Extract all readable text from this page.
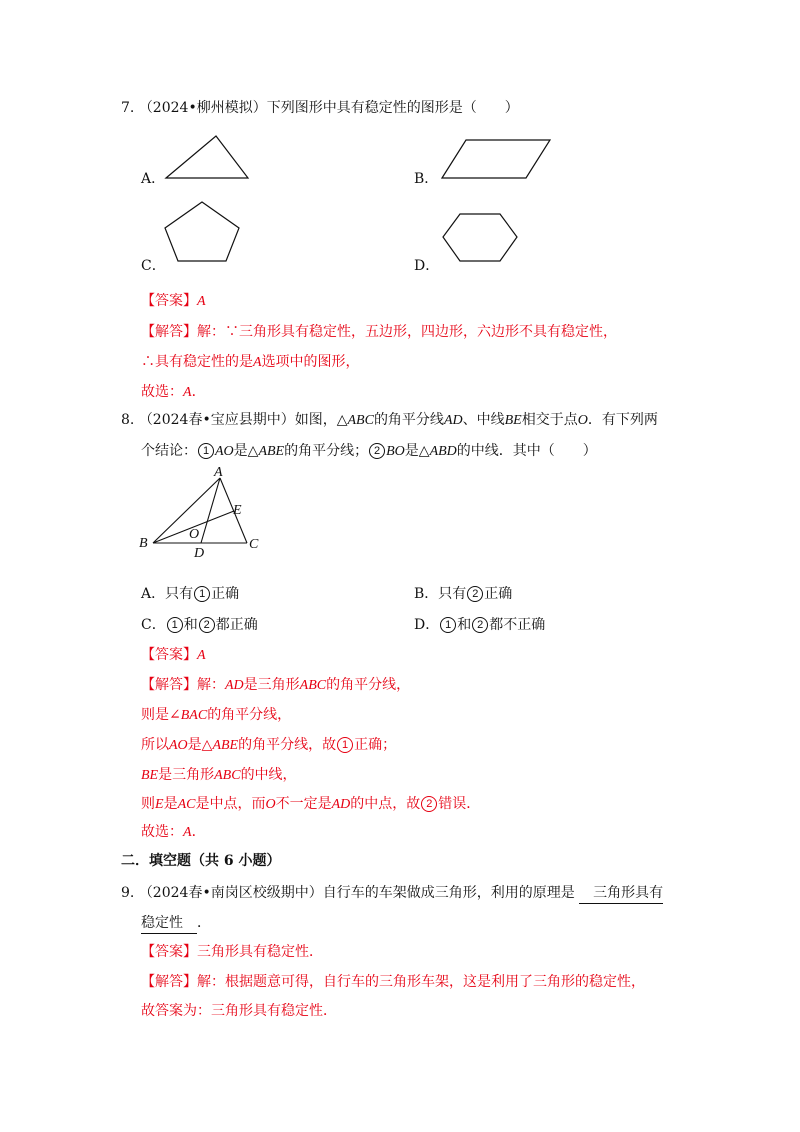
7. （2024•柳州模拟）下列图形中具有稳定性的图形是（　　）
A．	B．
C．	D．
【答案】A
【解答】解：∵三角形具有稳定性，五边形，四边形，六边形不具有稳定性，
∴具有稳定性的是A选项中的图形，
故选：A．
8. （2024春•宝应县期中）如图，△ABC的角平分线AD、中线BE相交于点O．有下列两
个结论： 1 AO是△ABE的角平分线； 2 BO是△ABD的中线．其中（　　）
A
B	C
D
E
O
A．只有 1 正确	B．只有 2 正确
C． 1 和 2 都正确	D． 1 和 2 都不正确
【答案】A
【解答】解：AD是三角形ABC的角平分线，
则是∠BAC的角平分线，
所以AO是△ABE的角平分线，故 1 正确；
BE是三角形ABC的中线，
则E是AC是中点，而O不一定是AD的中点，故 2 错误．
故选：A．
二．填空题（共 6 小题）
9. （2024春•南岗区校级期中）自行车的车架做成三角形，利用的原理是 三角形具有
稳定性 ．
【答案】三角形具有稳定性．
【解答】解：根据题意可得，自行车的三角形车架，这是利用了三角形的稳定性，
故答案为：三角形具有稳定性．
